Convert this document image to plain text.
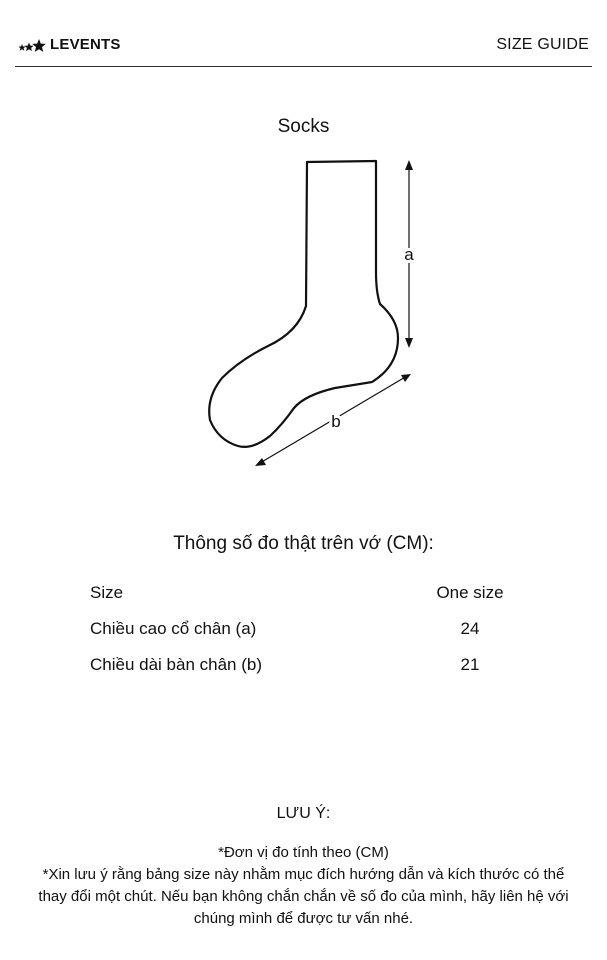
LEVENTS	SIZE GUIDE
Socks
a
b
Thông số đo thật trên vớ (CM):
Size	One size
Chiều cao cổ chân (a)	24
Chiều dài bàn chân (b)	21
LƯU Ý:

*Đơn vị đo tính theo (CM)

*Xin lưu ý rằng bảng size này nhằm mục đích hướng dẫn và kích thước có thể thay đổi một chút. Nếu bạn không chắn chắn về số đo của mình, hãy liên hệ với chúng mình để được tư vấn nhé.
